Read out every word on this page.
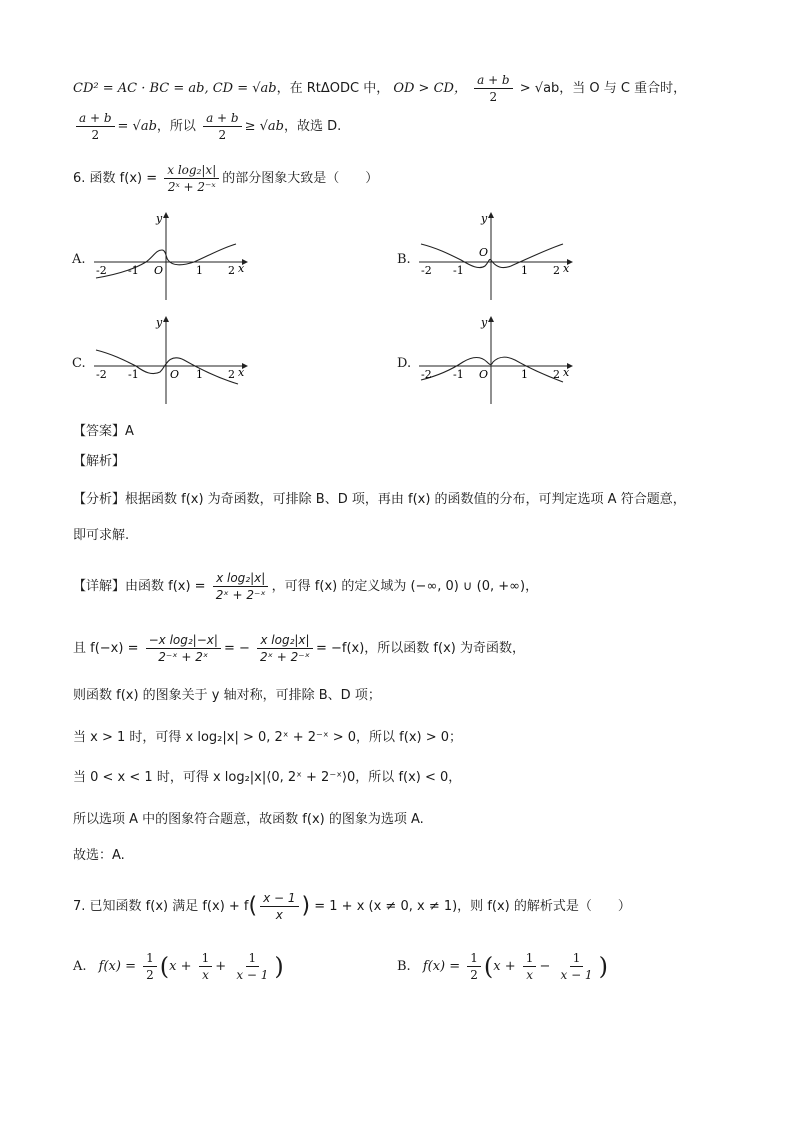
CD² = AC · BC = ab, CD = √ab，在 RtΔODC 中， OD > CD， $\frac{a + b}{2} > √ab$，当 O 与 C 重合时，
$\frac{a + b}{2} = √ab$，所以 $\frac{a + b}{2} \ge √ab$，故选 D.
6. 函数 $f(x) = \frac{\text{x log₂|x|}}{\text{2ˣ + 2⁻ˣ}}$ 的部分图象大致是（　　）
A.
-2 -1 O	1 2 x
y
B.
-2 -1
O
1 2 x
y
C.
-2 -1	O 1 2 x
y
D.
-2 -1 O	1 2 x
y
【答案】A
【解析】
【分析】根据函数 f(x) 为奇函数，可排除 B、D 项，再由 f(x) 的函数值的分布，可判定选项 A 符合题意，
即可求解.
【详解】由函数 $f(x) = \frac{\text{x log₂|x|}}{\text{2ˣ + 2⁻ˣ}}$ ，可得 f(x) 的定义域为 (−∞, 0) ∪ (0, +∞)，
且 $f(-x) = \frac{\text{−x log₂|−x|}}{\text{2⁻ˣ + 2ˣ}}$ = − $\frac{\text{x log₂|x|}}{\text{2ˣ + 2⁻ˣ}} = -f(x)$，所以函数 f(x) 为奇函数，
则函数 f(x) 的图象关于 y 轴对称，可排除 B、D 项；
当 x > 1 时，可得 x log₂|x| > 0, 2ˣ + 2⁻ˣ > 0，所以 f(x) > 0；
当 0 < x < 1 时，可得 x log₂|x|⟨0, 2ˣ + 2⁻ˣ⟩0，所以 f(x) < 0，
所以选项 A 中的图象符合题意，故函数 f(x) 的图象为选项 A.
故选：A.
7. 已知函数 f(x) 满足 $f(x) + f( \frac{x - 1}{x}$ ) = 1 + x (x ≠ 0, x ≠ 1)，则 f(x) 的解析式是（　　）
A. $f(x) = \frac{1}{2} (x + \frac{1}{x} + \frac{1}{x - 1}$ )	B. $f(x) = \frac{1}{2} (x + \frac{1}{x} - \frac{1}{x - 1}$ )
